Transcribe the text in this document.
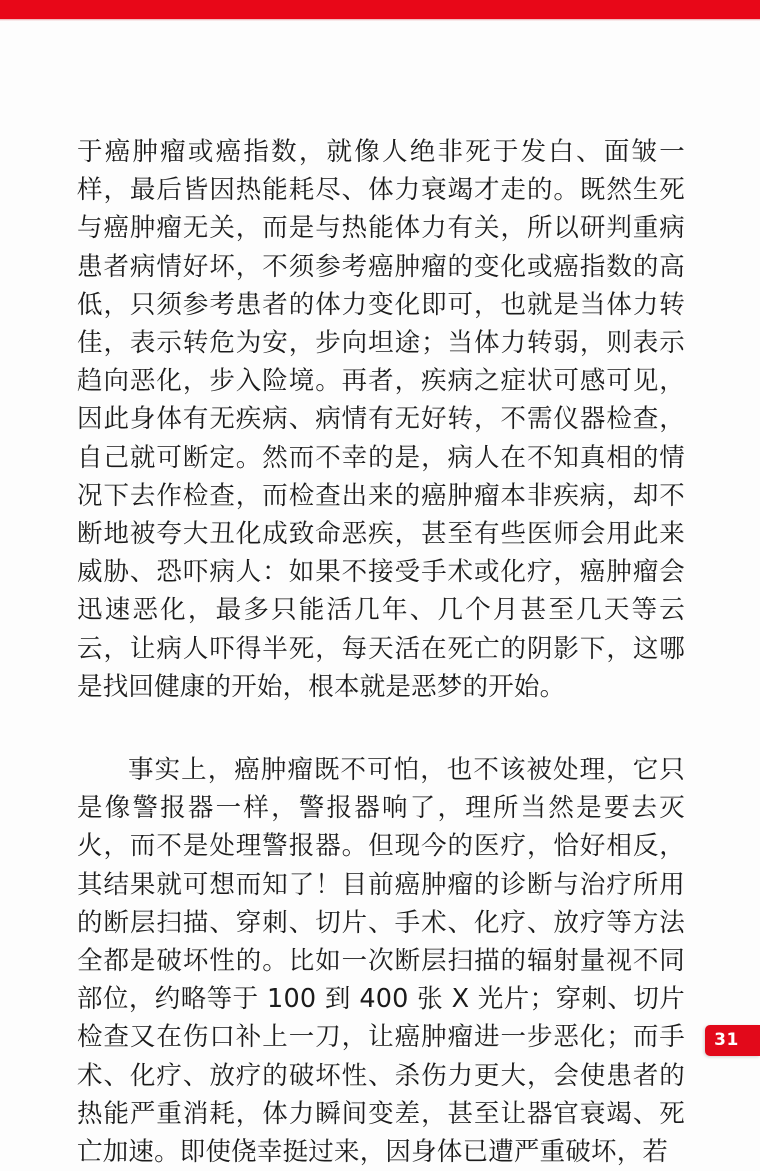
于癌肿瘤或癌指数，就像人绝非死于发白、面皱一样，最后皆因热能耗尽、体力衰竭才走的。既然生死与癌肿瘤无关，而是与热能体力有关，所以研判重病患者病情好坏，不须参考癌肿瘤的变化或癌指数的高低，只须参考患者的体力变化即可，也就是当体力转佳，表示转危为安，步向坦途；当体力转弱，则表示趋向恶化，步入险境。再者，疾病之症状可感可见，因此身体有无疾病、病情有无好转，不需仪器检查，自己就可断定。然而不幸的是，病人在不知真相的情况下去作检查，而检查出来的癌肿瘤本非疾病，却不断地被夸大丑化成致命恶疾，甚至有些医师会用此来威胁、恐吓病人：如果不接受手术或化疗，癌肿瘤会迅速恶化，最多只能活几年、几个月甚至几天等云云，让病人吓得半死，每天活在死亡的阴影下，这哪是找回健康的开始，根本就是恶梦的开始。

事实上，癌肿瘤既不可怕，也不该被处理，它只是像警报器一样，警报器响了，理所当然是要去灭火，而不是处理警报器。但现今的医疗，恰好相反，其结果就可想而知了！目前癌肿瘤的诊断与治疗所用的断层扫描、穿刺、切片、手术、化疗、放疗等方法全都是破坏性的。比如一次断层扫描的辐射量视不同部位，约略等于 100 到 400 张 X 光片；穿刺、切片检查又在伤口补上一刀，让癌肿瘤进一步恶化；而手术、化疗、放疗的破坏性、杀伤力更大，会使患者的热能严重消耗，体力瞬间变差，甚至让器官衰竭、死亡加速。即使侥幸挺过来，因身体已遭严重破坏，若

31
